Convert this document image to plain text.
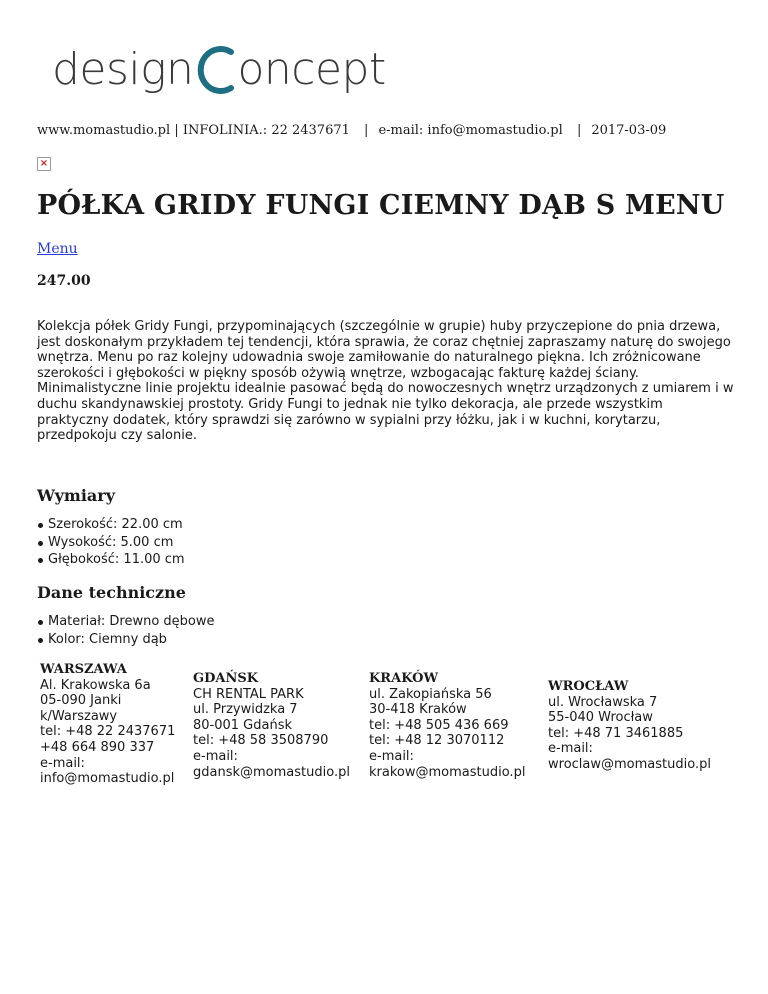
design oncept
www.momastudio.pl | INFOLINIA.: 22 2437671 | e-mail: info@momastudio.pl | 2017-03-09
×
PÓŁKA GRIDY FUNGI CIEMNY DĄB S MENU
Menu
247.00

Kolekcja półek Gridy Fungi, przypominających (szczególnie w grupie) huby przyczepione do pnia drzewa, jest doskonałym przykładem tej tendencji, która sprawia, że coraz chętniej zapraszamy naturę do swojego wnętrza. Menu po raz kolejny udowadnia swoje zamiłowanie do naturalnego piękna. Ich zróżnicowane szerokości i głębokości w piękny sposób ożywią wnętrze, wzbogacając fakturę każdej ściany. Minimalistyczne linie projektu idealnie pasować będą do nowoczesnych wnętrz urządzonych z umiarem i w duchu skandynawskiej prostoty. Gridy Fungi to jednak nie tylko dekoracja, ale przede wszystkim praktyczny dodatek, który sprawdzi się zarówno w sypialni przy łóżku, jak i w kuchni, korytarzu, przedpokoju czy salonie.

Wymiary
Szerokość: 22.00 cm
Wysokość: 5.00 cm
Głębokość: 11.00 cm
Dane techniczne
Materiał: Drewno dębowe
Kolor: Ciemny dąb
WARSZAWA
Al. Krakowska 6a
05-090 Janki
k/Warszawy
tel: +48 22 2437671
+48 664 890 337
e-mail:
info@momastudio.pl
GDAŃSK
CH RENTAL PARK
ul. Przywidzka 7
80-001 Gdańsk
tel: +48 58 3508790
e-mail:
gdansk@momastudio.pl
KRAKÓW
ul. Zakopiańska 56
30-418 Kraków
tel: +48 505 436 669
tel: +48 12 3070112
e-mail:
krakow@momastudio.pl
WROCŁAW
ul. Wrocławska 7
55-040 Wrocław
tel: +48 71 3461885
e-mail:
wroclaw@momastudio.pl
